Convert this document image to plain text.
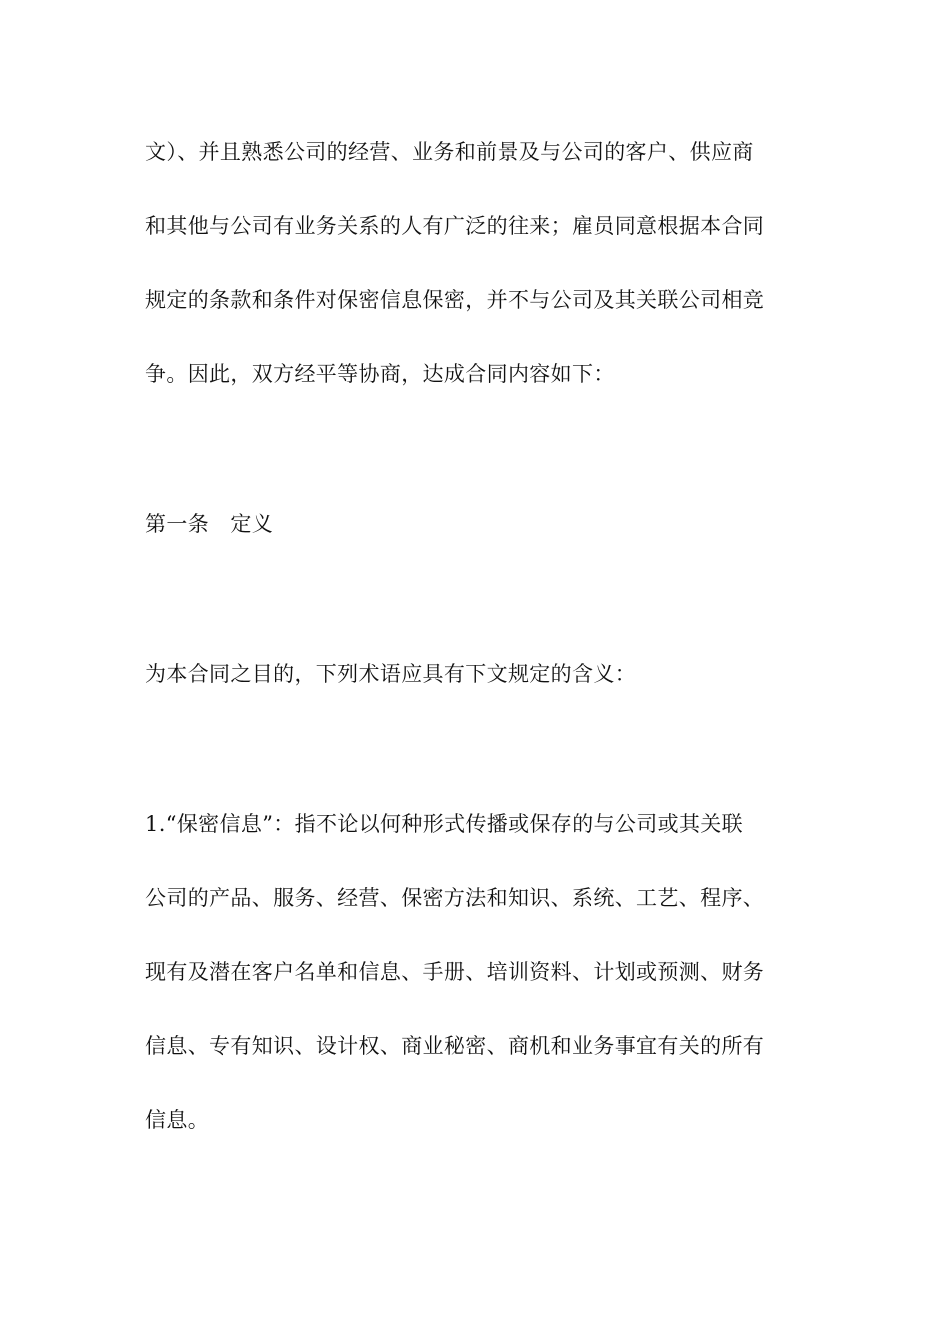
文）、并且熟悉公司的经营、业务和前景及与公司的客户、供应商
和其他与公司有业务关系的人有广泛的往来；雇员同意根据本合同
规定的条款和条件对保密信息保密，并不与公司及其关联公司相竞
争。因此，双方经平等协商，达成合同内容如下：
第一条　定义
为本合同之目的，下列术语应具有下文规定的含义：
1.“保密信息”：指不论以何种形式传播或保存的与公司或其关联
公司的产品、服务、经营、保密方法和知识、系统、工艺、程序、
现有及潜在客户名单和信息、手册、培训资料、计划或预测、财务
信息、专有知识、设计权、商业秘密、商机和业务事宜有关的所有
信息。
